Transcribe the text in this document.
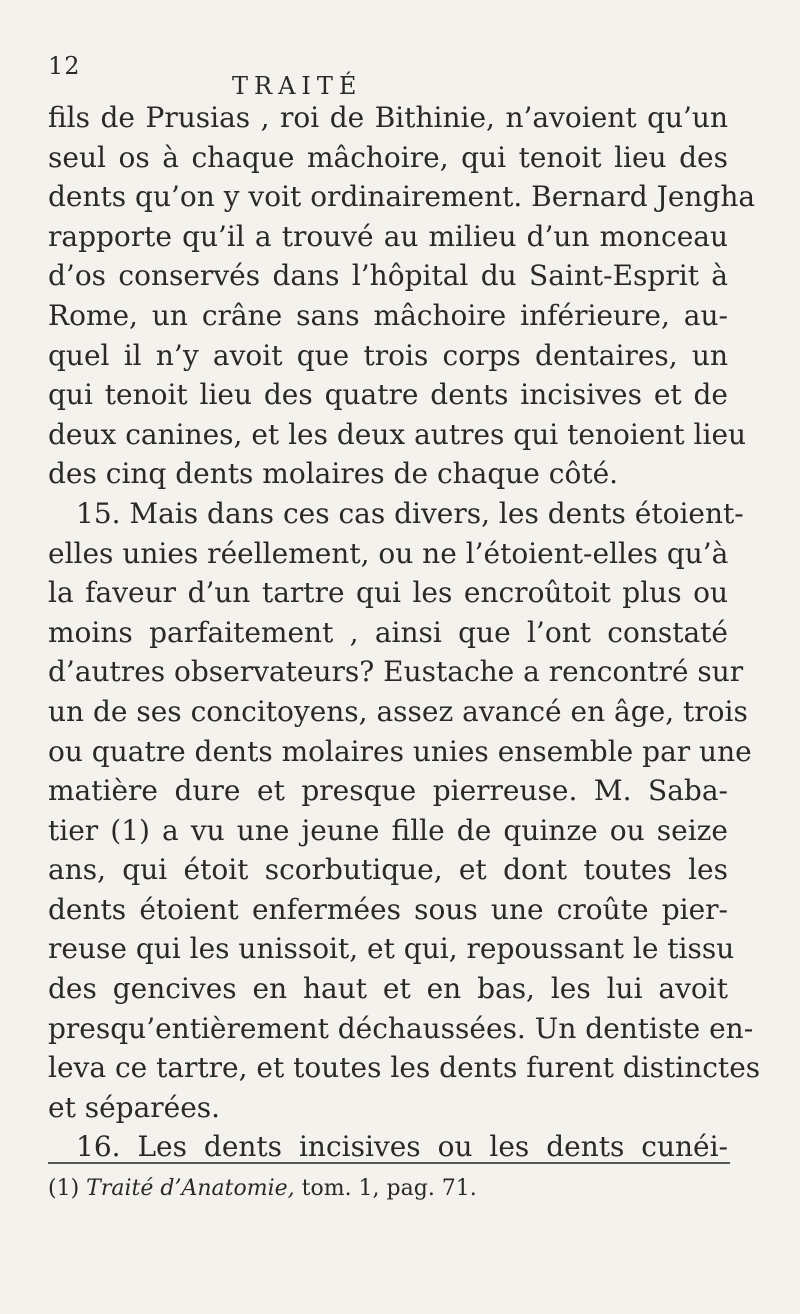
12
TRAITÉ
fils de Prusias , roi de Bithinie, n’avoient qu’un
seul os à chaque mâchoire, qui tenoit lieu des
dents qu’on y voit ordinairement. Bernard Jengha
rapporte qu’il a trouvé au milieu d’un monceau
d’os conservés dans l’hôpital du Saint-Esprit à
Rome, un crâne sans mâchoire inférieure, au-
quel il n’y avoit que trois corps dentaires, un
qui tenoit lieu des quatre dents incisives et de
deux canines, et les deux autres qui tenoient lieu
des cinq dents molaires de chaque côté.
15. Mais dans ces cas divers, les dents étoient-
elles unies réellement, ou ne l’étoient-elles qu’à
la faveur d’un tartre qui les encroûtoit plus ou
moins parfaitement , ainsi que l’ont constaté
d’autres observateurs? Eustache a rencontré sur
un de ses concitoyens, assez avancé en âge, trois
ou quatre dents molaires unies ensemble par une
matière dure et presque pierreuse. M. Saba-
tier (1) a vu une jeune fille de quinze ou seize
ans, qui étoit scorbutique, et dont toutes les
dents étoient enfermées sous une croûte pier-
reuse qui les unissoit, et qui, repoussant le tissu
des gencives en haut et en bas, les lui avoit
presqu’entièrement déchaussées. Un dentiste en-
leva ce tartre, et toutes les dents furent distinctes
et séparées.
16. Les dents incisives ou les dents cunéi-
(1) Traité d’Anatomie, tom. 1, pag. 71.
